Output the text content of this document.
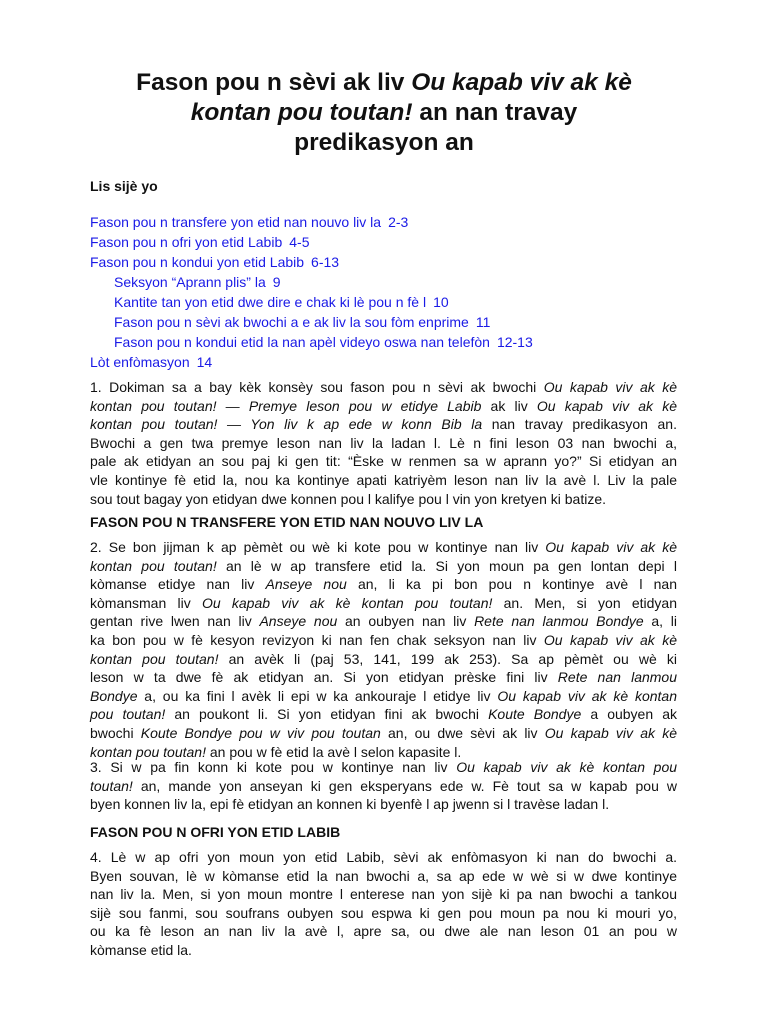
Fason pou n sèvi ak liv Ou kapab viv ak kè
kontan pou toutan! an nan travay
predikasyon an
Lis sijè yo
Fason pou n transfere yon etid nan nouvo liv la 2-3
Fason pou n ofri yon etid Labib 4-5
Fason pou n kondui yon etid Labib 6-13
Seksyon “Aprann plis” la 9
Kantite tan yon etid dwe dire e chak ki lè pou n fè l 10
Fason pou n sèvi ak bwochi a e ak liv la sou fòm enprime 11
Fason pou n kondui etid la nan apèl videyo oswa nan telefòn 12-13
Lòt enfòmasyon 14

1. Dokiman sa a bay kèk konsèy sou fason pou n sèvi ak bwochi Ou kapab viv ak kè
kontan pou toutan! — Premye leson pou w etidye Labib ak liv Ou kapab viv ak kè
kontan pou toutan! — Yon liv k ap ede w konn Bib la nan travay predikasyon an.
Bwochi a gen twa premye leson nan liv la ladan l. Lè n fini leson 03 nan bwochi a,
pale ak etidyan an sou paj ki gen tit: “Èske w renmen sa w aprann yo?” Si etidyan an
vle kontinye fè etid la, nou ka kontinye apati katriyèm leson nan liv la avè l. Liv la pale
sou tout bagay yon etidyan dwe konnen pou l kalifye pou l vin yon kretyen ki batize.

FASON POU N TRANSFERE YON ETID NAN NOUVO LIV LA

2. Se bon jijman k ap pèmèt ou wè ki kote pou w kontinye nan liv Ou kapab viv ak kè
kontan pou toutan! an lè w ap transfere etid la. Si yon moun pa gen lontan depi l
kòmanse etidye nan liv Anseye nou an, li ka pi bon pou n kontinye avè l nan
kòmansman liv Ou kapab viv ak kè kontan pou toutan! an. Men, si yon etidyan
gentan rive lwen nan liv Anseye nou an oubyen nan liv Rete nan lanmou Bondye a, li
ka bon pou w fè kesyon revizyon ki nan fen chak seksyon nan liv Ou kapab viv ak kè
kontan pou toutan! an avèk li (paj 53, 141, 199 ak 253). Sa ap pèmèt ou wè ki
leson w ta dwe fè ak etidyan an. Si yon etidyan prèske fini liv Rete nan lanmou
Bondye a, ou ka fini l avèk li epi w ka ankouraje l etidye liv Ou kapab viv ak kè kontan
pou toutan! an poukont li. Si yon etidyan fini ak bwochi Koute Bondye a oubyen ak
bwochi Koute Bondye pou w viv pou toutan an, ou dwe sèvi ak liv Ou kapab viv ak kè
kontan pou toutan! an pou w fè etid la avè l selon kapasite l.

3. Si w pa fin konn ki kote pou w kontinye nan liv Ou kapab viv ak kè kontan pou
toutan! an, mande yon anseyan ki gen eksperyans ede w. Fè tout sa w kapab pou w
byen konnen liv la, epi fè etidyan an konnen ki byenfè l ap jwenn si l travèse ladan l.

FASON POU N OFRI YON ETID LABIB

4. Lè w ap ofri yon moun yon etid Labib, sèvi ak enfòmasyon ki nan do bwochi a.
Byen souvan, lè w kòmanse etid la nan bwochi a, sa ap ede w wè si w dwe kontinye
nan liv la. Men, si yon moun montre l enterese nan yon sijè ki pa nan bwochi a tankou
sijè sou fanmi, sou soufrans oubyen sou espwa ki gen pou moun pa nou ki mouri yo,
ou ka fè leson an nan liv la avè l, apre sa, ou dwe ale nan leson 01 an pou w
kòmanse etid la.
